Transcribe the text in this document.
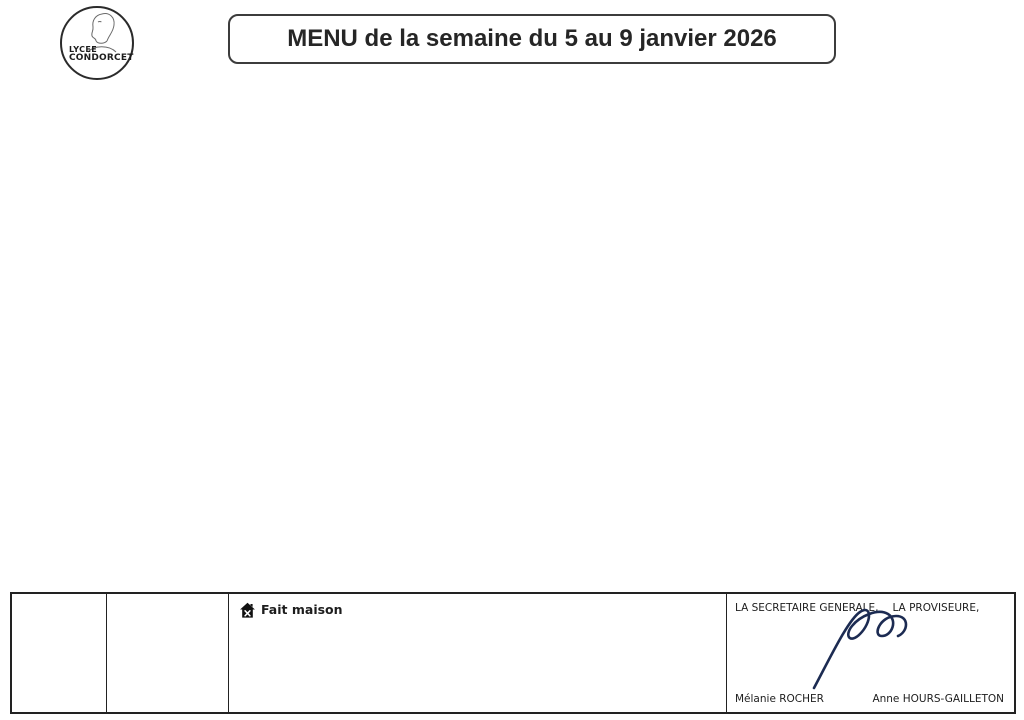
LYCEE
CONDORCET
MENU de la semaine du 5 au 9 janvier 2026
Fait maison	LA SECRETAIRE GENERALE, LA PROVISEURE,
Mélanie ROCHER	Anne HOURS-GAILLETON
